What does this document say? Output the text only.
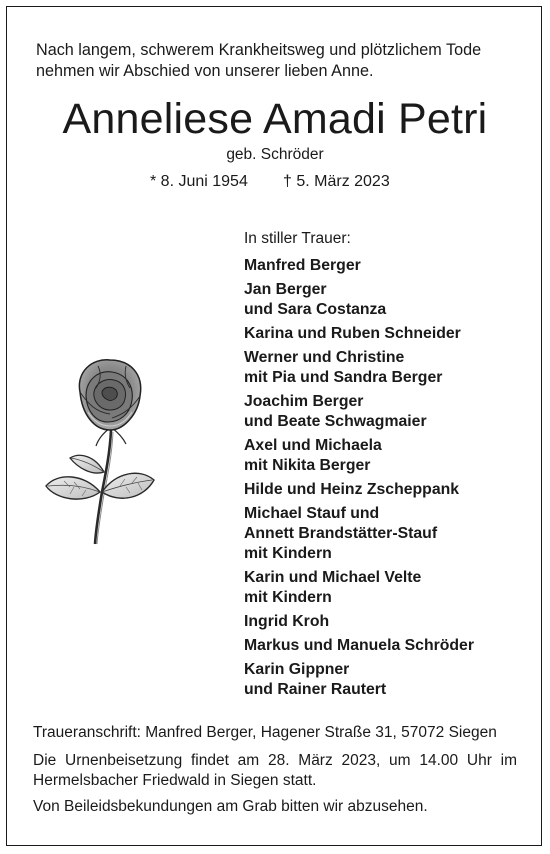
Nach langem, schwerem Krankheitsweg und plötzlichem Tode
nehmen wir Abschied von unserer lieben Anne.
Anneliese Amadi Petri
geb. Schröder
* 8. Juni 1954 † 5. März 2023
In stiller Trauer:
Manfred Berger
Jan Berger
und Sara Costanza
Karina und Ruben Schneider
Werner und Christine
mit Pia und Sandra Berger
Joachim Berger
und Beate Schwagmaier
Axel und Michaela
mit Nikita Berger
Hilde und Heinz Zscheppank
Michael Stauf und
Annett Brandstätter-Stauf
mit Kindern
Karin und Michael Velte
mit Kindern
Ingrid Kroh
Markus und Manuela Schröder
Karin Gippner
und Rainer Rautert
Traueranschrift: Manfred Berger, Hagener Straße 31, 57072 Siegen
Die Urnenbeisetzung findet am 28. März 2023, um 14.00 Uhr im
Hermelsbacher Friedwald in Siegen statt.
Von Beileidsbekundungen am Grab bitten wir abzusehen.
